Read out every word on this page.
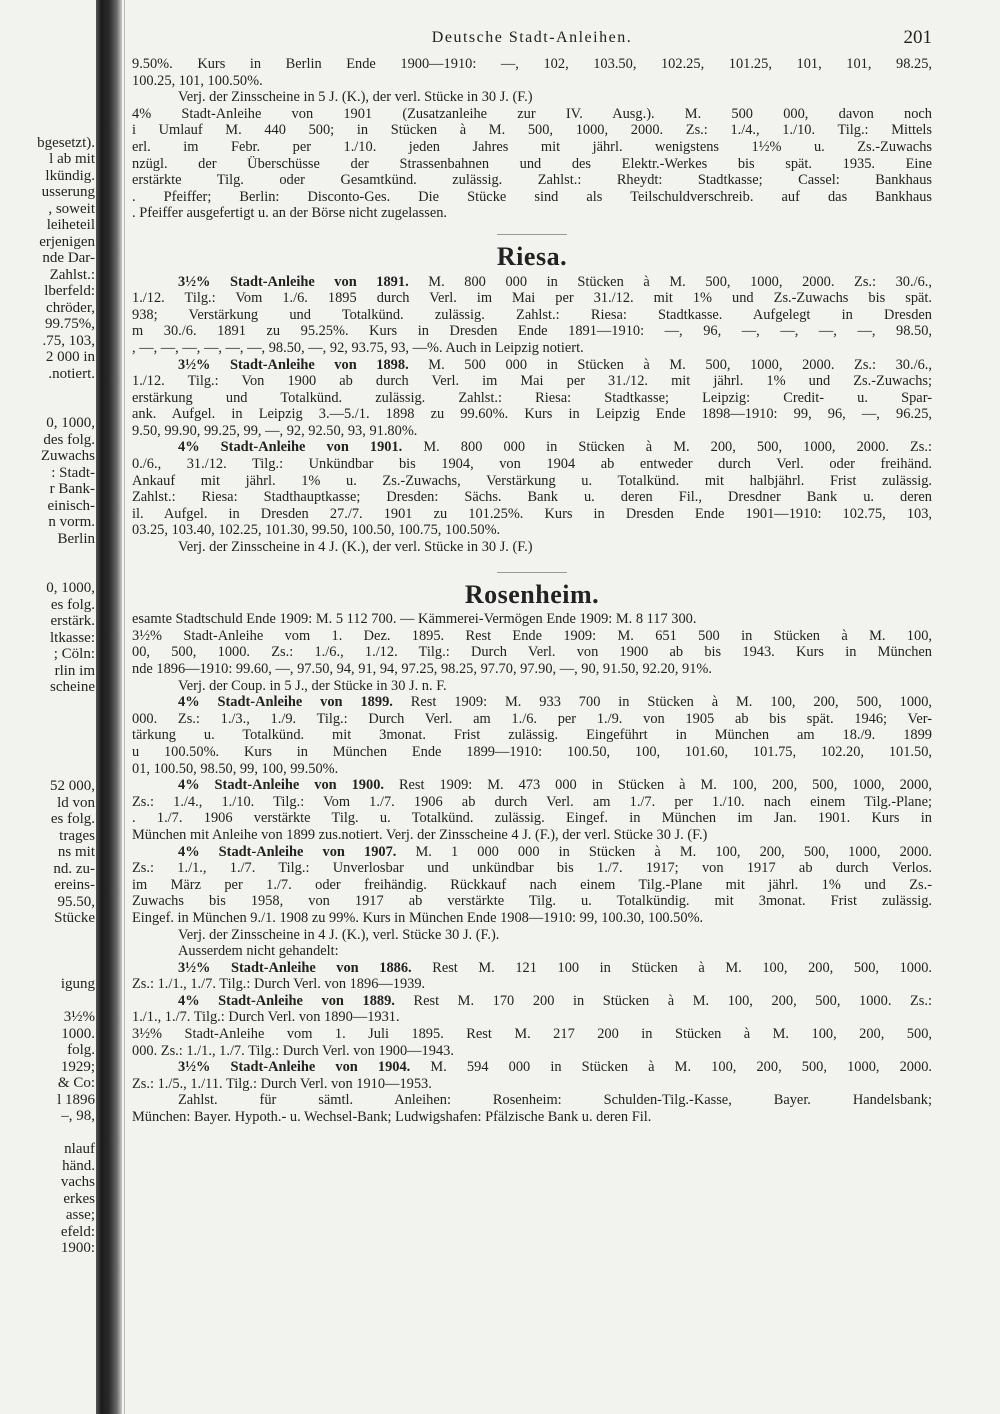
bgesetzt).
l ab mit
lkündig.
usserung
, soweit
leiheteil
erjenigen
nde Dar-
Zahlst.:
lberfeld:
chröder,
99.75%,
.75, 103,
2 000 in
.notiert.
0, 1000,
des folg.
Zuwachs
: Stadt-
r Bank-
einisch-
n vorm.
Berlin
0, 1000,
es folg.
erstärk.
ltkasse:
; Cöln:
rlin im
scheine
52 000,
ld von
es folg.
trages
ns mit
nd. zu-
ereins-
95.50,
Stücke
igung
3½%
1000.
folg.
1929;
& Co:
l 1896
–, 98,
nlauf
händ.
vachs
erkes
asse;
efeld:
1900:
Deutsche Stadt-Anleihen.	201
9.50%. Kurs in Berlin Ende 1900—1910: —, 102, 103.50, 102.25, 101.25, 101, 101, 98.25,
100.25, 101, 100.50%.
Verj. der Zinsscheine in 5 J. (K.), der verl. Stücke in 30 J. (F.)
4% Stadt-Anleihe von 1901 (Zusatzanleihe zur IV. Ausg.). M. 500 000, davon noch
i Umlauf M. 440 500; in Stücken à M. 500, 1000, 2000. Zs.: 1./4., 1./10. Tilg.: Mittels
erl. im Febr. per 1./10. jeden Jahres mit jährl. wenigstens 1½% u. Zs.-Zuwachs
nzügl. der Überschüsse der Strassenbahnen und des Elektr.-Werkes bis spät. 1935. Eine
erstärkte Tilg. oder Gesamtkünd. zulässig. Zahlst.: Rheydt: Stadtkasse; Cassel: Bankhaus
. Pfeiffer; Berlin: Disconto-Ges. Die Stücke sind als Teilschuldverschreib. auf das Bankhaus
. Pfeiffer ausgefertigt u. an der Börse nicht zugelassen.
Riesa.
3½% Stadt-Anleihe von 1891. M. 800 000 in Stücken à M. 500, 1000, 2000. Zs.: 30./6.,
1./12. Tilg.: Vom 1./6. 1895 durch Verl. im Mai per 31./12. mit 1% und Zs.-Zuwachs bis spät.
938; Verstärkung und Totalkünd. zulässig. Zahlst.: Riesa: Stadtkasse. Aufgelegt in Dresden
m 30./6. 1891 zu 95.25%. Kurs in Dresden Ende 1891—1910: —, 96, —, —, —, —, 98.50,
, —, —, —, —, —, —, 98.50, —, 92, 93.75, 93, —%. Auch in Leipzig notiert.
3½% Stadt-Anleihe von 1898. M. 500 000 in Stücken à M. 500, 1000, 2000. Zs.: 30./6.,
1./12. Tilg.: Von 1900 ab durch Verl. im Mai per 31./12. mit jährl. 1% und Zs.-Zuwachs;
erstärkung und Totalkünd. zulässig. Zahlst.: Riesa: Stadtkasse; Leipzig: Credit- u. Spar-
ank. Aufgel. in Leipzig 3.—5./1. 1898 zu 99.60%. Kurs in Leipzig Ende 1898—1910: 99, 96, —, 96.25,
9.50, 99.90, 99.25, 99, —, 92, 92.50, 93, 91.80%.
4% Stadt-Anleihe von 1901. M. 800 000 in Stücken à M. 200, 500, 1000, 2000. Zs.:
0./6., 31./12. Tilg.: Unkündbar bis 1904, von 1904 ab entweder durch Verl. oder freihänd.
Ankauf mit jährl. 1% u. Zs.-Zuwachs, Verstärkung u. Totalkünd. mit halbjährl. Frist zulässig.
Zahlst.: Riesa: Stadthauptkasse; Dresden: Sächs. Bank u. deren Fil., Dresdner Bank u. deren
il. Aufgel. in Dresden 27./7. 1901 zu 101.25%. Kurs in Dresden Ende 1901—1910: 102.75, 103,
03.25, 103.40, 102.25, 101.30, 99.50, 100.50, 100.75, 100.50%.
Verj. der Zinsscheine in 4 J. (K.), der verl. Stücke in 30 J. (F.)
Rosenheim.
esamte Stadtschuld Ende 1909: M. 5 112 700. — Kämmerei-Vermögen Ende 1909: M. 8 117 300.
3½% Stadt-Anleihe vom 1. Dez. 1895. Rest Ende 1909: M. 651 500 in Stücken à M. 100,
00, 500, 1000. Zs.: 1./6., 1./12. Tilg.: Durch Verl. von 1900 ab bis 1943. Kurs in München
nde 1896—1910: 99.60, —, 97.50, 94, 91, 94, 97.25, 98.25, 97.70, 97.90, —, 90, 91.50, 92.20, 91%.
Verj. der Coup. in 5 J., der Stücke in 30 J. n. F.
4% Stadt-Anleihe von 1899. Rest 1909: M. 933 700 in Stücken à M. 100, 200, 500, 1000,
000. Zs.: 1./3., 1./9. Tilg.: Durch Verl. am 1./6. per 1./9. von 1905 ab bis spät. 1946; Ver-
tärkung u. Totalkünd. mit 3monat. Frist zulässig. Eingeführt in München am 18./9. 1899
u 100.50%. Kurs in München Ende 1899—1910: 100.50, 100, 101.60, 101.75, 102.20, 101.50,
01, 100.50, 98.50, 99, 100, 99.50%.
4% Stadt-Anleihe von 1900. Rest 1909: M. 473 000 in Stücken à M. 100, 200, 500, 1000, 2000,
Zs.: 1./4., 1./10. Tilg.: Vom 1./7. 1906 ab durch Verl. am 1./7. per 1./10. nach einem Tilg.-Plane;
. 1./7. 1906 verstärkte Tilg. u. Totalkünd. zulässig. Eingef. in München im Jan. 1901. Kurs in
München mit Anleihe von 1899 zus.notiert. Verj. der Zinsscheine 4 J. (F.), der verl. Stücke 30 J. (F.)
4% Stadt-Anleihe von 1907. M. 1 000 000 in Stücken à M. 100, 200, 500, 1000, 2000.
Zs.: 1./1., 1./7. Tilg.: Unverlosbar und unkündbar bis 1./7. 1917; von 1917 ab durch Verlos.
im März per 1./7. oder freihändig. Rückkauf nach einem Tilg.-Plane mit jährl. 1% und Zs.-
Zuwachs bis 1958, von 1917 ab verstärkte Tilg. u. Totalkündig. mit 3monat. Frist zulässig.
Eingef. in München 9./1. 1908 zu 99%. Kurs in München Ende 1908—1910: 99, 100.30, 100.50%.
Verj. der Zinsscheine in 4 J. (K.), verl. Stücke 30 J. (F.).
Ausserdem nicht gehandelt:
3½% Stadt-Anleihe von 1886. Rest M. 121 100 in Stücken à M. 100, 200, 500, 1000.
Zs.: 1./1., 1./7. Tilg.: Durch Verl. von 1896—1939.
4% Stadt-Anleihe von 1889. Rest M. 170 200 in Stücken à M. 100, 200, 500, 1000. Zs.:
1./1., 1./7. Tilg.: Durch Verl. von 1890—1931.
3½% Stadt-Anleihe vom 1. Juli 1895. Rest M. 217 200 in Stücken à M. 100, 200, 500,
000. Zs.: 1./1., 1./7. Tilg.: Durch Verl. von 1900—1943.
3½% Stadt-Anleihe von 1904. M. 594 000 in Stücken à M. 100, 200, 500, 1000, 2000.
Zs.: 1./5., 1./11. Tilg.: Durch Verl. von 1910—1953.
Zahlst. für sämtl. Anleihen: Rosenheim: Schulden-Tilg.-Kasse, Bayer. Handelsbank;
München: Bayer. Hypoth.- u. Wechsel-Bank; Ludwigshafen: Pfälzische Bank u. deren Fil.
